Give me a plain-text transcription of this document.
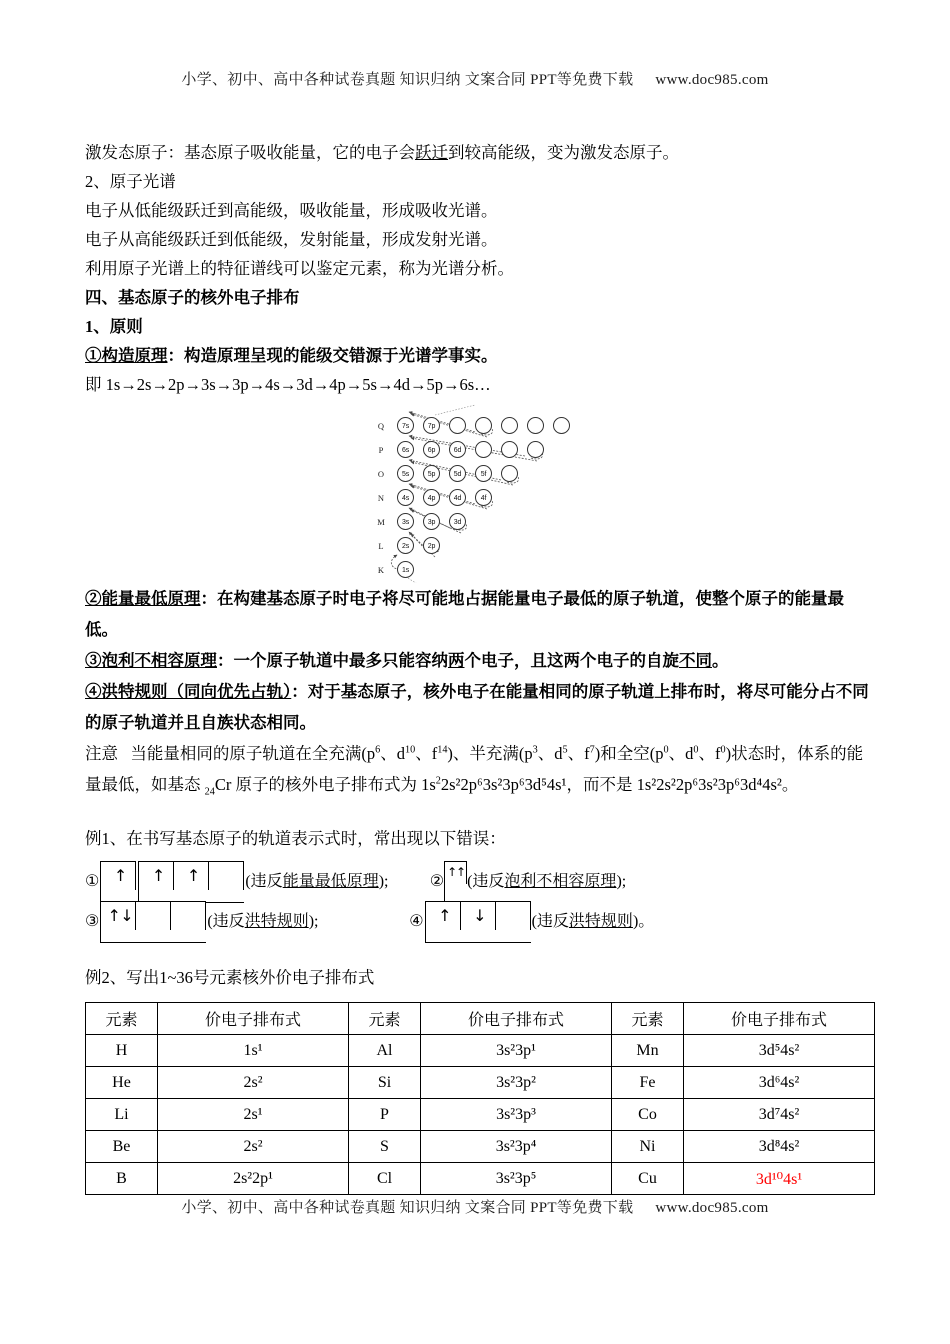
小学、初中、高中各种试卷真题 知识归纳 文案合同 PPT等免费下载 www.doc985.com

激发态原子：基态原子吸收能量，它的电子会跃迁到较高能级，变为激发态原子。

2、原子光谱

电子从低能级跃迁到高能级，吸收能量，形成吸收光谱。

电子从高能级跃迁到低能级，发射能量，形成发射光谱。

利用原子光谱上的特征谱线可以鉴定元素，称为光谱分析。

四、基态原子的核外电子排布

1、原则

①构造原理：构造原理呈现的能级交错源于光谱学事实。

即 1s→2s→2p→3s→3p→4s→3d→4p→5s→4d→5p→6s…

Q	7s	7p
P	6s	6p	6d
O	5s	5p	5d	5f
N	4s	4p	4d	4f
M	3s	3p	3d
L	2s	2p
K	1s

②能量最低原理：在构建基态原子时电子将尽可能地占据能量电子最低的原子轨道，使整个原子的能量最低。

③泡利不相容原理：一个原子轨道中最多只能容纳两个电子，且这两个电子的自旋不同。

④洪特规则（同向优先占轨）：对于基态原子，核外电子在能量相同的原子轨道上排布时，将尽可能分占不同的原子轨道并且自族状态相同。

注意 当能量相同的原子轨道在全充满($p^6$、$d^{10}$、$f^{14}$)、半充满($p^3$、$d^5$、$f^7$)和全空($p^0$、$d^0$、$f^0$)状态时，体系的能量最低，如基态 $_{24}$Cr 原子的核外电子排布式为 $1s^22s^22p^63s^23p^63d^54s^1$，而不是 1s²2s²2p⁶3s²3p⁶3d⁴4s²。

例1、在书写基态原子的轨道表示式时，常出现以下错误：

① ↑ ↑ ↑	(违反能量最低原理);	②
↑
↑
(违反泡利不相容原理);
③ ↑ ↓	(违反洪特规则);	④ ↑ ↓	(违反洪特规则)。

例2、写出1~36号元素核外价电子排布式

元素	价电子排布式	元素	价电子排布式	元素	价电子排布式
H	1s¹	Al	3s²3p¹	Mn	3d⁵4s²
He	2s²	Si	3s²3p²	Fe	3d⁶4s²
Li	2s¹	P	3s²3p³	Co	3d⁷4s²
Be	2s²	S	3s²3p⁴	Ni	3d⁸4s²
B	2s²2p¹	Cl	3s²3p⁵	Cu	3d¹⁰4s¹
小学、初中、高中各种试卷真题 知识归纳 文案合同 PPT等免费下载 www.doc985.com
